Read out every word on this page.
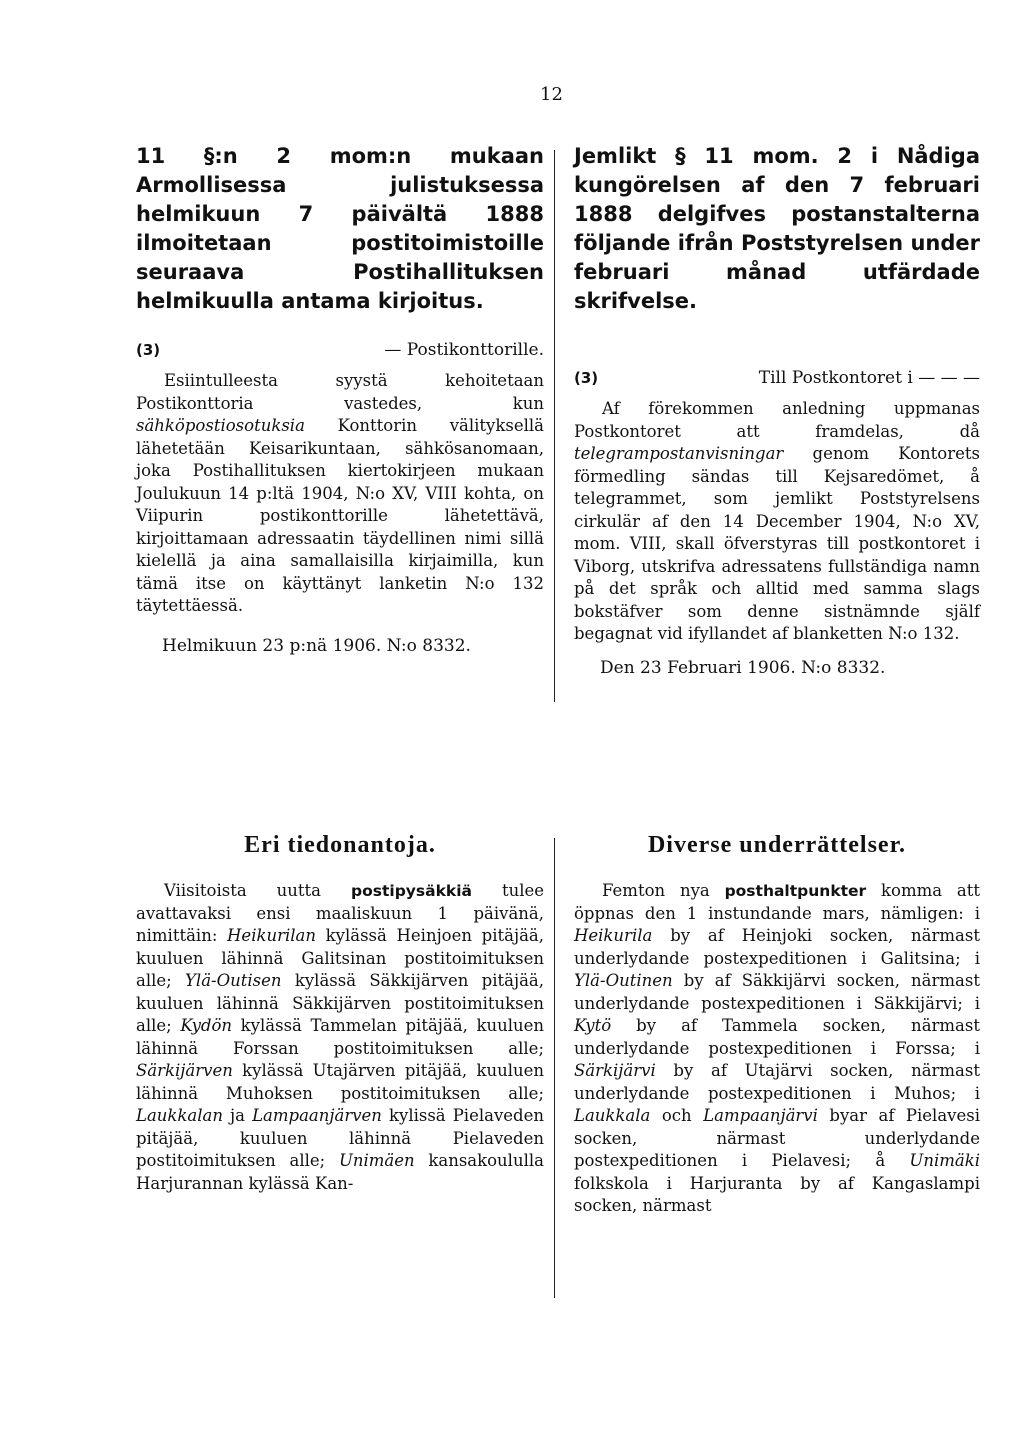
12
11 §:n 2 mom:n mukaan Armollisessa julistuksessa helmikuun 7 päivältä 1888 ilmoitetaan postitoimistoille seuraava Postihallituksen helmikuulla antama kirjoitus.
(3)	— Postikonttorille.
Esiintulleesta syystä kehoitetaan Postikonttoria vastedes, kun sähköpostiosotuksia Konttorin välityksellä lähetetään Keisarikuntaan, sähkösanomaan, joka Postihallituksen kiertokirjeen mukaan Joulukuun 14 p:ltä 1904, N:o XV, VIII kohta, on Viipurin postikonttorille lähetettävä, kirjoittamaan adressaatin täydellinen nimi sillä kielellä ja aina samallaisilla kirjaimilla, kun tämä itse on käyttänyt lanketin N:o 132 täytettäessä.
Helmikuun 23 p:nä 1906. N:o 8332.
Jemlikt § 11 mom. 2 i Nådiga kungörelsen af den 7 februari 1888 delgifves postanstalterna följande ifrån Poststyrelsen under februari månad utfärdade skrifvelse.
(3)	Till Postkontoret i — — —
Af förekommen anledning uppmanas Postkontoret att framdelas, då telegrampostanvisningar genom Kontorets förmedling sändas till Kejsaredömet, å telegrammet, som jemlikt Poststyrelsens cirkulär af den 14 December 1904, N:o XV, mom. VIII, skall öfverstyras till postkontoret i Viborg, utskrifva adressatens fullständiga namn på det språk och alltid med samma slags bokstäfver som denne sistnämnde själf begagnat vid ifyllandet af blanketten N:o 132.
Den 23 Februari 1906. N:o 8332.
Eri tiedonantoja.	Diverse underrättelser.
Viisitoista uutta postipysäkkiä tulee avattavaksi ensi maaliskuun 1 päivänä, nimittäin: Heikurilan kylässä Heinjoen pitäjää, kuuluen lähinnä Galitsinan postitoimituksen alle; Ylä-Outisen kylässä Säkkijärven pitäjää, kuuluen lähinnä Säkkijärven postitoimituksen alle; Kydön kylässä Tammelan pitäjää, kuuluen lähinnä Forssan postitoimituksen alle; Särkijärven kylässä Utajärven pitäjää, kuuluen lähinnä Muhoksen postitoimituksen alle; Laukkalan ja Lampaanjärven kylissä Pielaveden pitäjää, kuuluen lähinnä Pielaveden postitoimituksen alle; Unimäen kansakoululla Harjurannan kylässä Kan-
Femton nya posthaltpunkter komma att öppnas den 1 instundande mars, nämligen: i Heikurila by af Heinjoki socken, närmast underlydande postexpeditionen i Galitsina; i Ylä-Outinen by af Säkkijärvi socken, närmast underlydande postexpeditionen i Säkkijärvi; i Kytö by af Tammela socken, närmast underlydande postexpeditionen i Forssa; i Särkijärvi by af Utajärvi socken, närmast underlydande postexpeditionen i Muhos; i Laukkala och Lampaanjärvi byar af Pielavesi socken, närmast underlydande postexpeditionen i Pielavesi; å Unimäki folkskola i Harjuranta by af Kangaslampi socken, närmast
